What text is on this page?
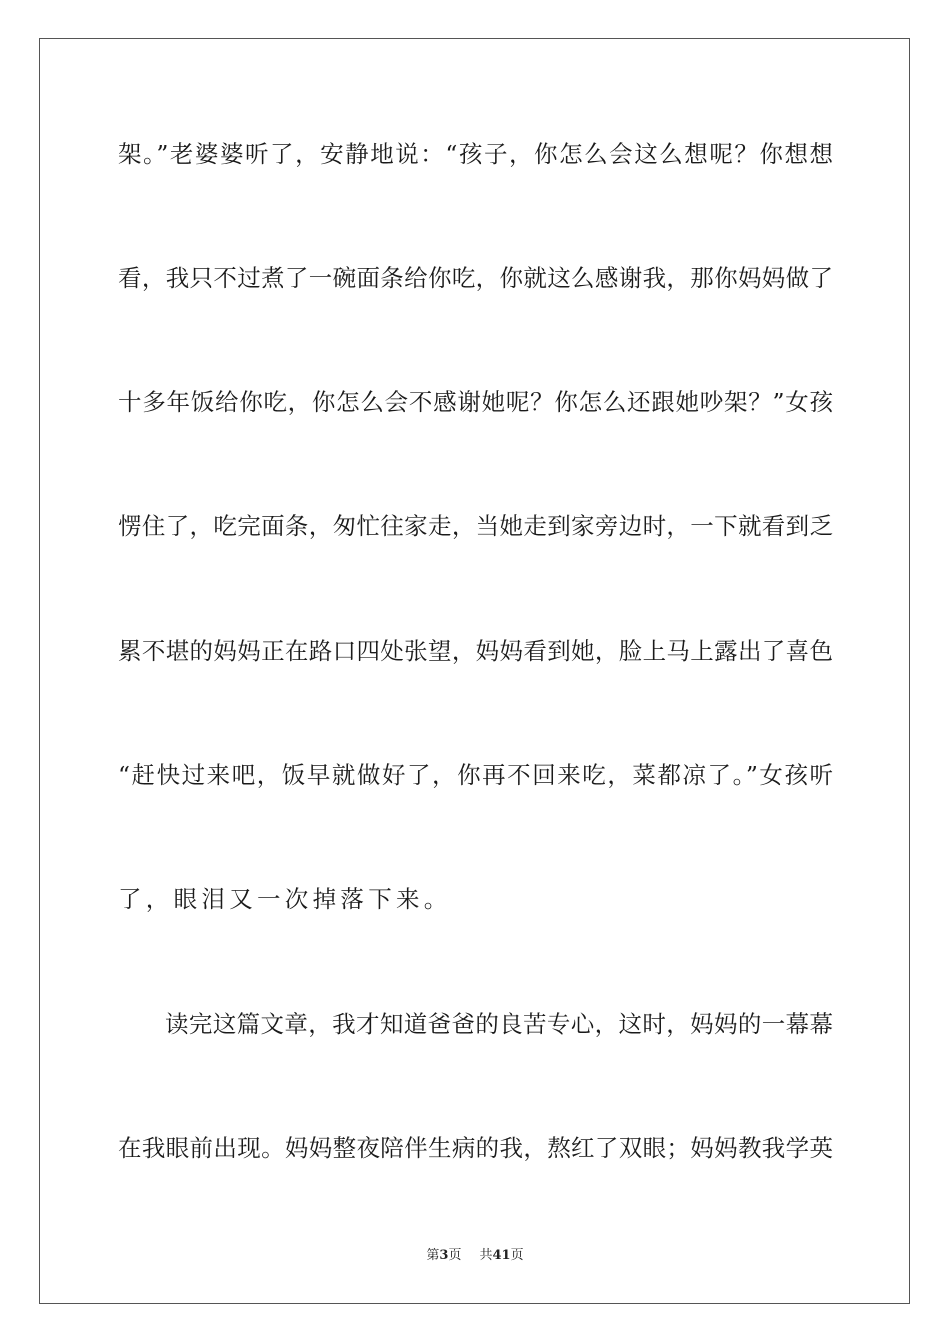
架。”老婆婆听了，安静地说：“孩子，你怎么会这么想呢？你想想
看，我只不过煮了一碗面条给你吃，你就这么感谢我，那你妈妈做了
十多年饭给你吃，你怎么会不感谢她呢？你怎么还跟她吵架？”女孩
愣住了，吃完面条，匆忙往家走，当她走到家旁边时，一下就看到乏
累不堪的妈妈正在路口四处张望，妈妈看到她，脸上马上露出了喜色
“赶快过来吧，饭早就做好了，你再不回来吃，菜都凉了。”女孩听
了，眼泪又一次掉落下来。
读完这篇文章，我才知道爸爸的良苦专心，这时，妈妈的一幕幕
在我眼前出现。妈妈整夜陪伴生病的我，熬红了双眼；妈妈教我学英
第3页 共41页
